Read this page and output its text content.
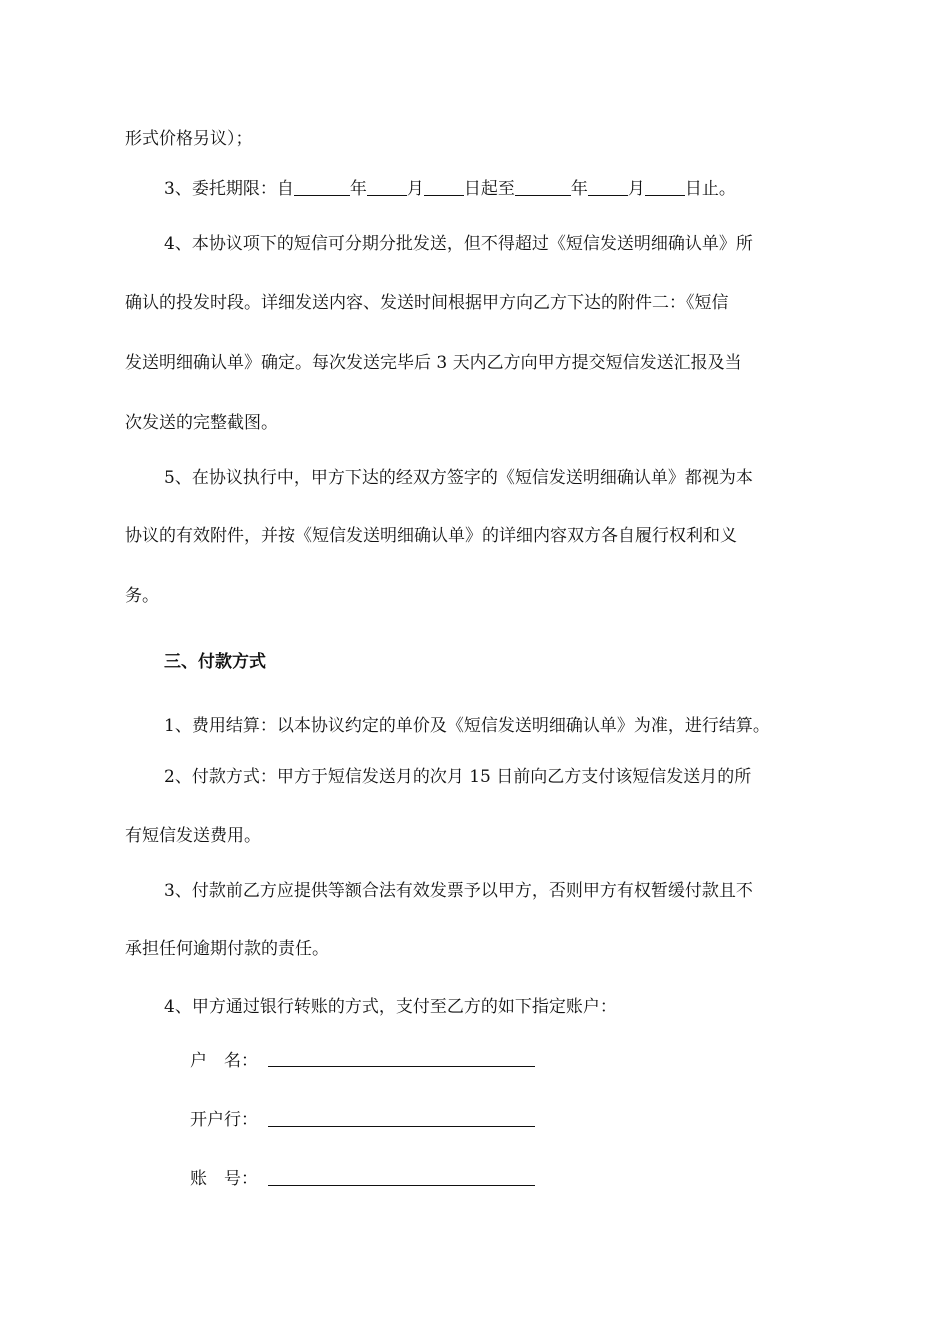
形式价格另议）；
3、委托期限：自	年 月 日起至	年 月 日止。
4、本协议项下的短信可分期分批发送，但不得超过《短信发送明细确认单》所
确认的投发时段。详细发送内容、发送时间根据甲方向乙方下达的附件二：《短信
发送明细确认单》确定。每次发送完毕后 3 天内乙方向甲方提交短信发送汇报及当
次发送的完整截图。
5、在协议执行中，甲方下达的经双方签字的《短信发送明细确认单》都视为本
协议的有效附件，并按《短信发送明细确认单》的详细内容双方各自履行权利和义
务。
三、付款方式
1、费用结算：以本协议约定的单价及《短信发送明细确认单》为准，进行结算。
2、付款方式：甲方于短信发送月的次月 15 日前向乙方支付该短信发送月的所
有短信发送费用。
3、付款前乙方应提供等额合法有效发票予以甲方，否则甲方有权暂缓付款且不
承担任何逾期付款的责任。
4、甲方通过银行转账的方式，支付至乙方的如下指定账户：
户　名：
开户行：
账　号：
